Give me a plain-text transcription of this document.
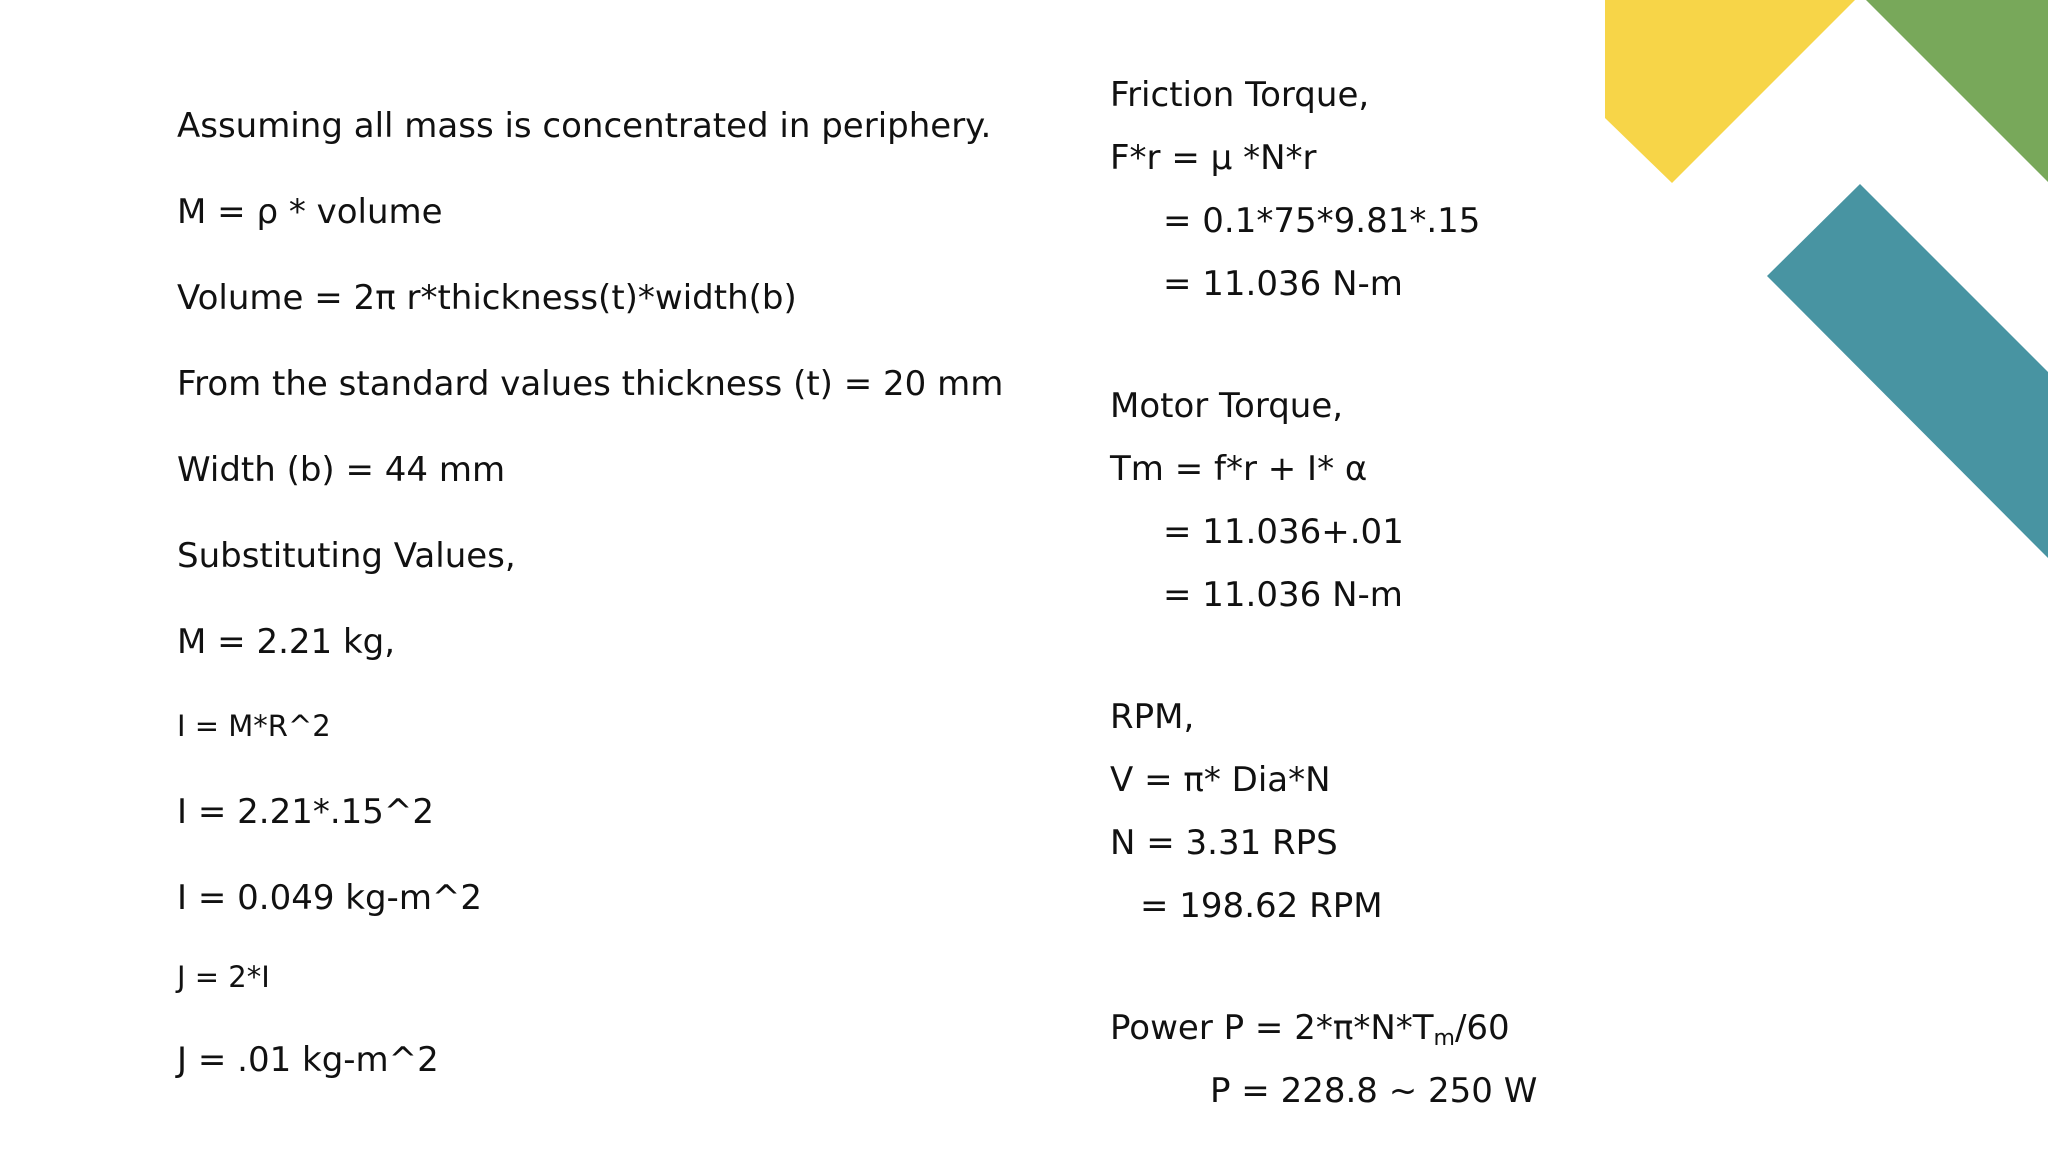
Assuming all mass is concentrated in periphery.
M = ρ * volume
Volume = 2π r*thickness(t)*width(b)
From the standard values thickness (t) = 20 mm
Width (b) = 44 mm
Substituting Values,
M = 2.21 kg,
I = M*R^2
I = 2.21*.15^2
I = 0.049 kg-m^2
J = 2*I
J = .01 kg-m^2
Friction Torque,
F*r = μ *N*r
= 0.1*75*9.81*.15
= 11.036 N-m
Motor Torque,
Tm = f*r + I* α
= 11.036+.01
= 11.036 N-m
RPM,
V = π* Dia*N
N = 3.31 RPS
= 198.62 RPM
Power $P = 2*\pi*N*T_m/60$
P = 228.8 ~ 250 W
